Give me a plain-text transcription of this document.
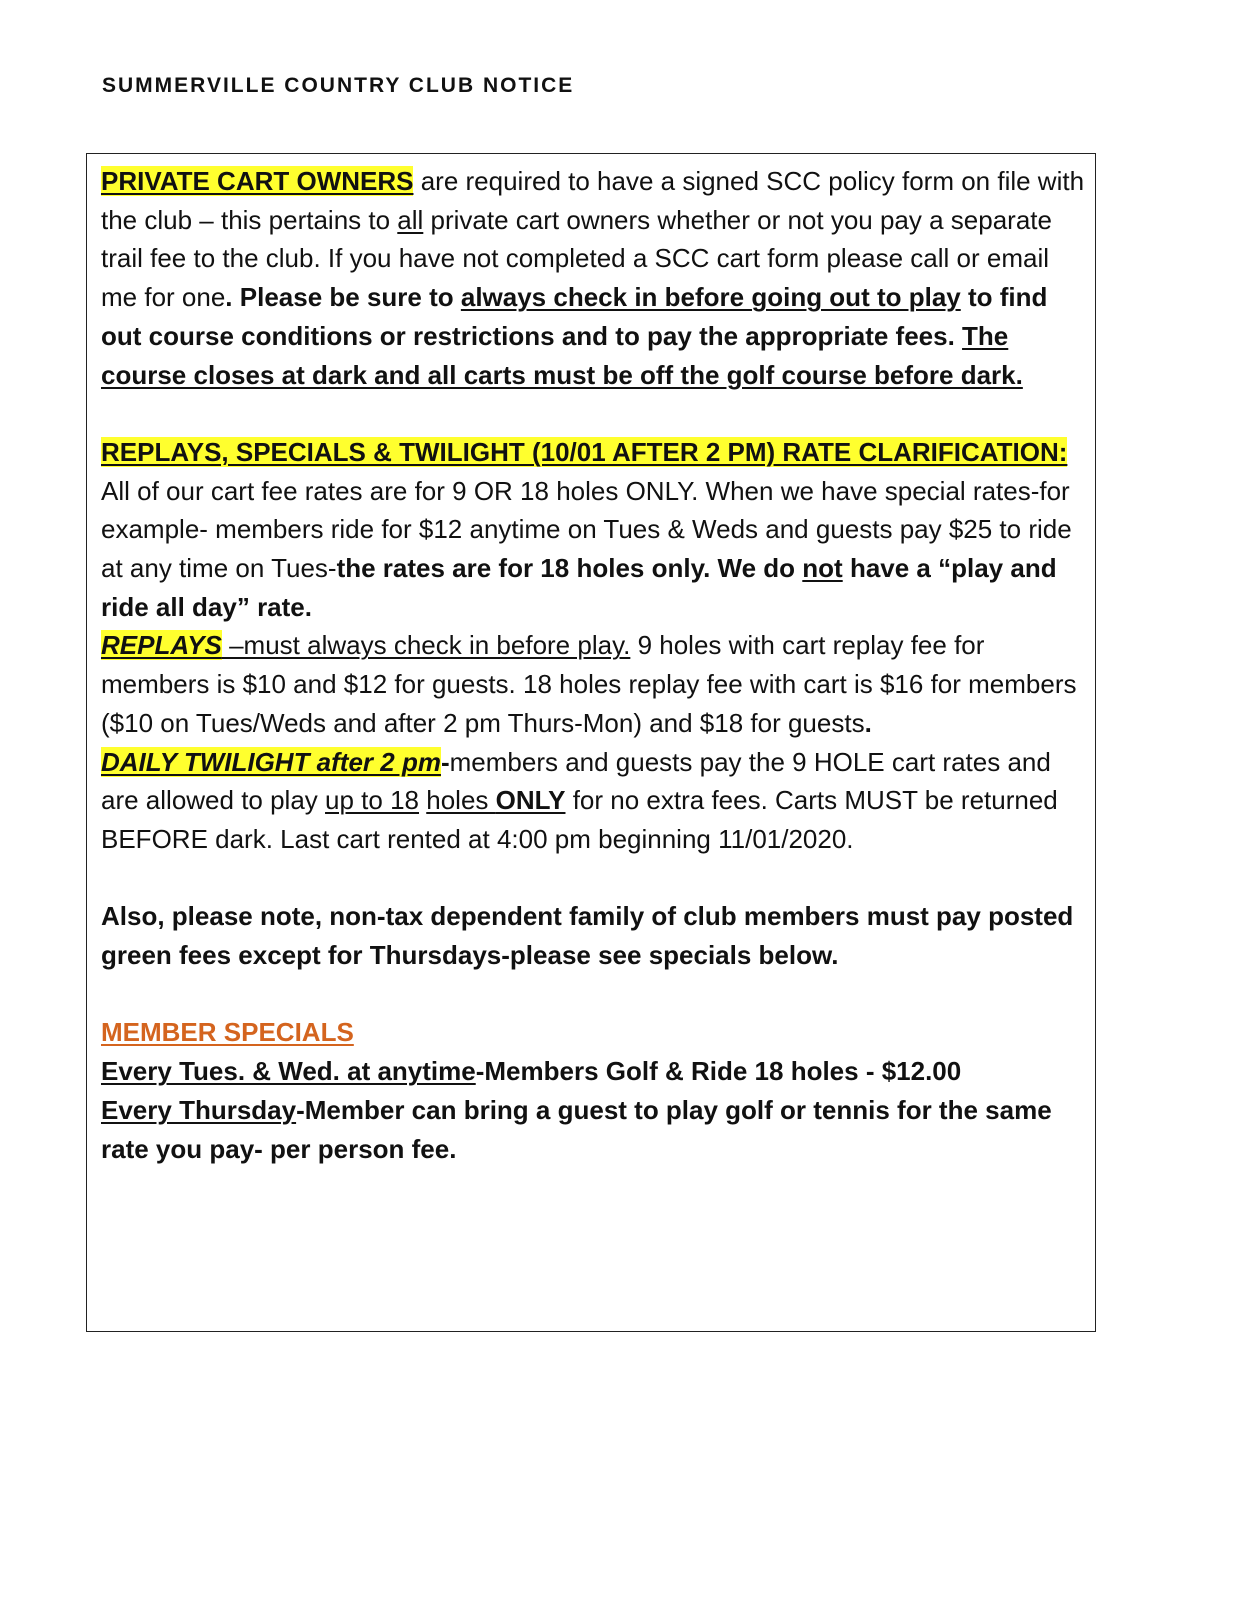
SUMMERVILLE COUNTRY CLUB NOTICE

PRIVATE CART OWNERS are required to have a signed SCC policy form on file with the club – this pertains to all private cart owners whether or not you pay a separate trail fee to the club. If you have not completed a SCC cart form please call or email me for one. Please be sure to always check in before going out to play to find out course conditions or restrictions and to pay the appropriate fees. The course closes at dark and all carts must be off the golf course before dark.

REPLAYS, SPECIALS & TWILIGHT (10/01 AFTER 2 PM) RATE CLARIFICATION:
All of our cart fee rates are for 9 OR 18 holes ONLY. When we have special rates-for example- members ride for $12 anytime on Tues & Weds and guests pay $25 to ride at any time on Tues-the rates are for 18 holes only. We do not have a “play and ride all day” rate.

REPLAYS –must always check in before play. 9 holes with cart replay fee for members is $10 and $12 for guests. 18 holes replay fee with cart is $16 for members ($10 on Tues/Weds and after 2 pm Thurs-Mon) and $18 for guests.

DAILY TWILIGHT after 2 pm-members and guests pay the 9 HOLE cart rates and are allowed to play up to 18 holes ONLY for no extra fees. Carts MUST be returned BEFORE dark. Last cart rented at 4:00 pm beginning 11/01/2020.

Also, please note, non-tax dependent family of club members must pay posted green fees except for Thursdays-please see specials below.

MEMBER SPECIALS

Every Tues. & Wed. at anytime-Members Golf & Ride 18 holes - $12.00

Every Thursday-Member can bring a guest to play golf or tennis for the same rate you pay- per person fee.
